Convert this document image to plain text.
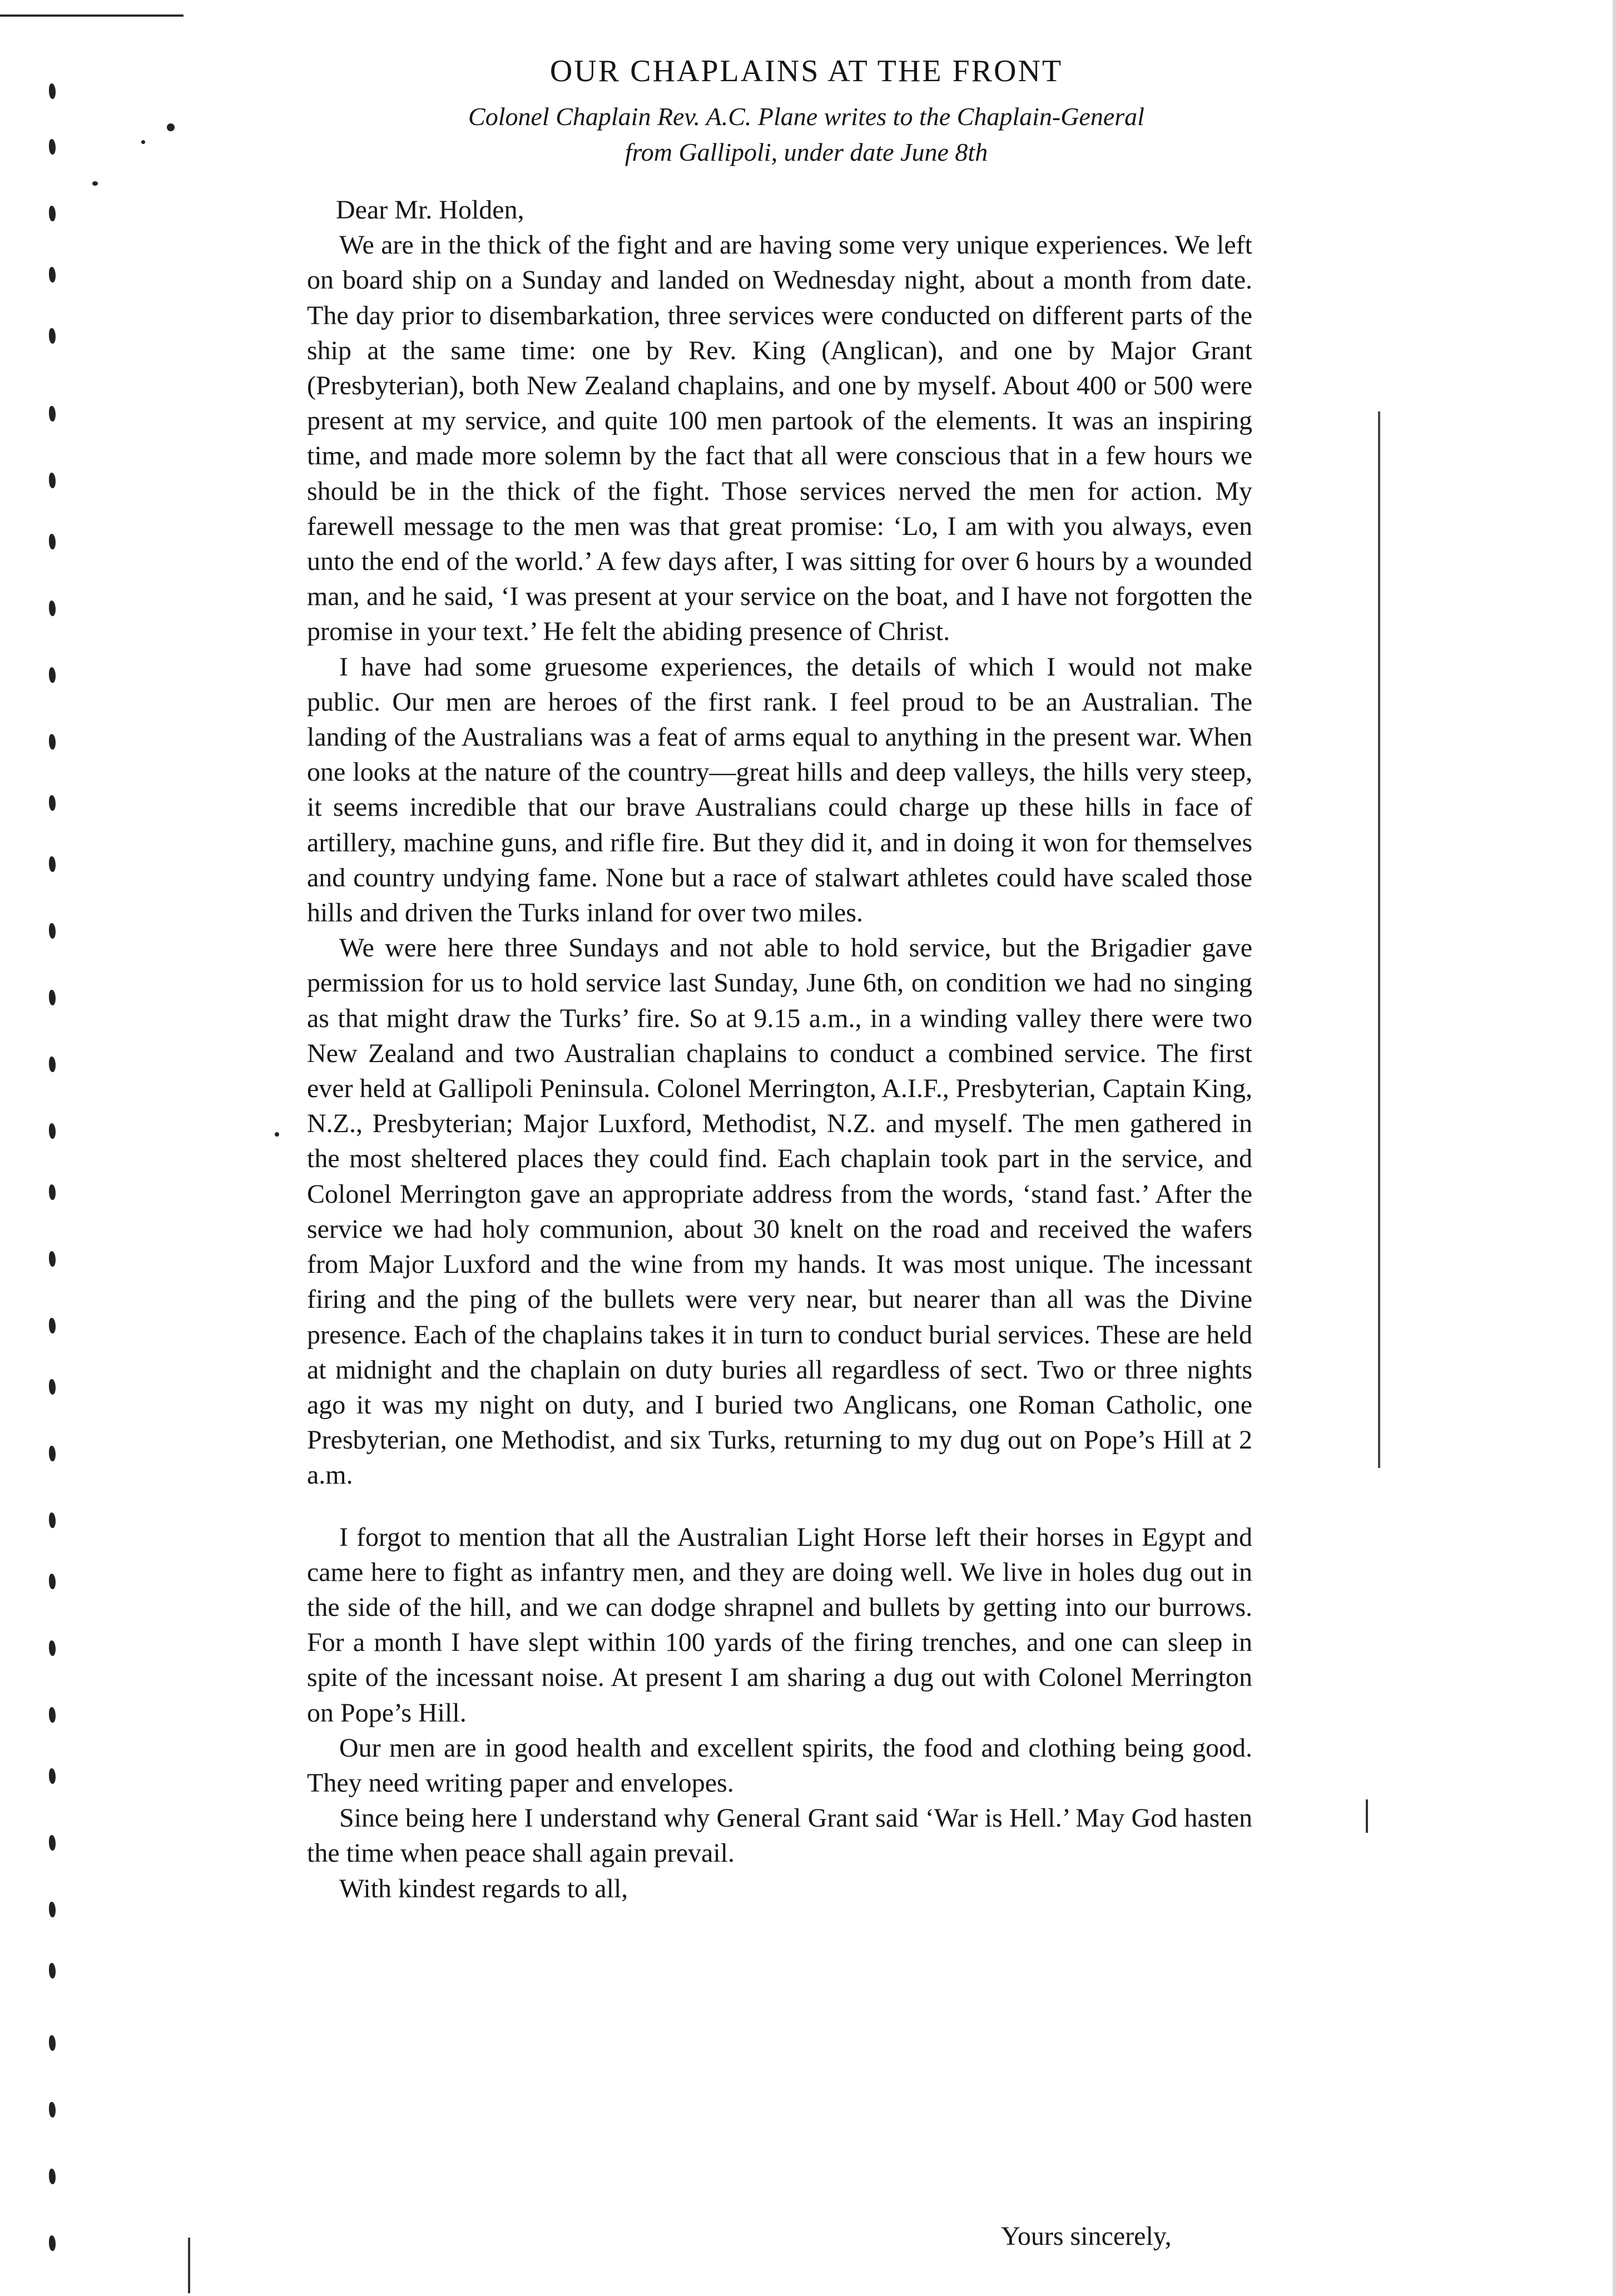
OUR CHAPLAINS AT THE FRONT
Colonel Chaplain Rev. A.C. Plane writes to the Chaplain-General
from Gallipoli, under date June 8th

Dear Mr. Holden,

We are in the thick of the fight and are having some very unique experiences. We left on board ship on a Sunday and landed on Wednesday night, about a month from date. The day prior to disembarkation, three services were conducted on different parts of the ship at the same time: one by Rev. King (Anglican), and one by Major Grant (Presbyterian), both New Zealand chaplains, and one by myself. About 400 or 500 were present at my service, and quite 100 men partook of the elements. It was an inspiring time, and made more solemn by the fact that all were conscious that in a few hours we should be in the thick of the fight. Those services nerved the men for action. My farewell message to the men was that great promise: ‘Lo, I am with you always, even unto the end of the world.’ A few days after, I was sitting for over 6 hours by a wounded man, and he said, ‘I was present at your service on the boat, and I have not forgotten the promise in your text.’ He felt the abiding presence of Christ.

I have had some gruesome experiences, the details of which I would not make public. Our men are heroes of the first rank. I feel proud to be an Australian. The landing of the Australians was a feat of arms equal to anything in the present war. When one looks at the nature of the country—great hills and deep valleys, the hills very steep, it seems incredible that our brave Australians could charge up these hills in face of artillery, machine guns, and rifle fire. But they did it, and in doing it won for themselves and country undying fame. None but a race of stalwart athletes could have scaled those hills and driven the Turks inland for over two miles.

We were here three Sundays and not able to hold service, but the Brigadier gave permission for us to hold service last Sunday, June 6th, on condition we had no singing as that might draw the Turks’ fire. So at 9.15 a.m., in a winding valley there were two New Zealand and two Australian chaplains to conduct a combined service. The first ever held at Gallipoli Peninsula. Colonel Merrington, A.I.F., Presbyterian, Captain King, N.Z., Presbyterian; Major Luxford, Methodist, N.Z. and myself. The men gathered in the most sheltered places they could find. Each chaplain took part in the service, and Colonel Merrington gave an appropriate address from the words, ‘stand fast.’ After the service we had holy communion, about 30 knelt on the road and received the wafers from Major Luxford and the wine from my hands. It was most unique. The incessant firing and the ping of the bullets were very near, but nearer than all was the Divine presence. Each of the chaplains takes it in turn to conduct burial services. These are held at midnight and the chaplain on duty buries all regardless of sect. Two or three nights ago it was my night on duty, and I buried two Anglicans, one Roman Catholic, one Presbyterian, one Methodist, and six Turks, returning to my dug out on Pope’s Hill at 2 a.m.

I forgot to mention that all the Australian Light Horse left their horses in Egypt and came here to fight as infantry men, and they are doing well. We live in holes dug out in the side of the hill, and we can dodge shrapnel and bullets by getting into our burrows. For a month I have slept within 100 yards of the firing trenches, and one can sleep in spite of the incessant noise. At present I am sharing a dug out with Colonel Merrington on Pope’s Hill.

Our men are in good health and excellent spirits, the food and clothing being good. They need writing paper and envelopes.

Since being here I understand why General Grant said ‘War is Hell.’ May God hasten the time when peace shall again prevail.

With kindest regards to all,

Yours sincerely,
